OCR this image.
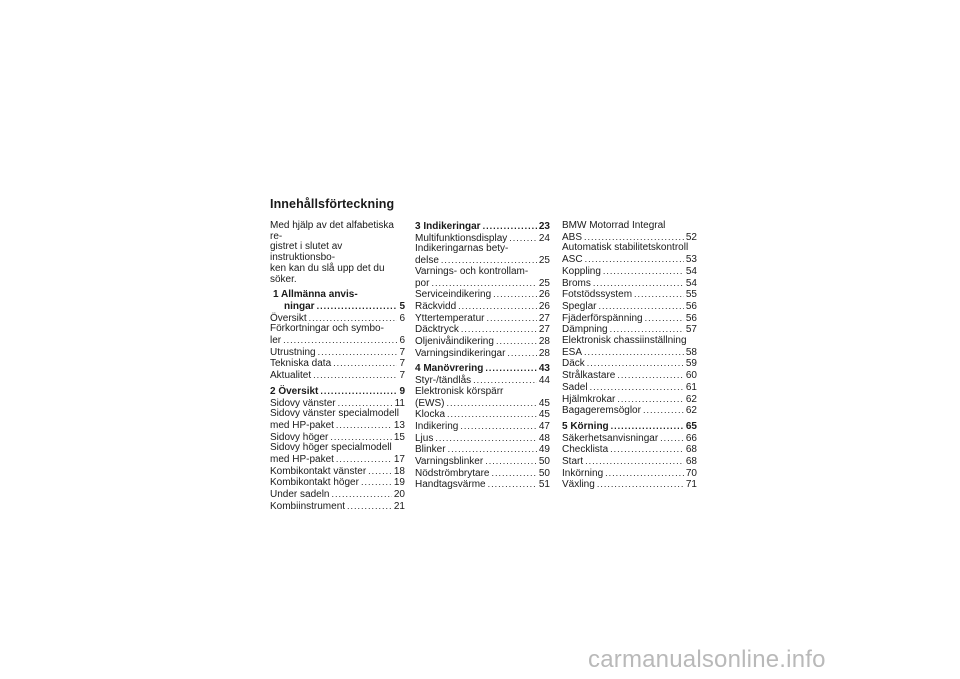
Innehållsförteckning
Med hjälp av det alfabetiska re-
gistret i slutet av instruktionsbo-
ken kan du slå upp det du söker.
1 Allmänna anvis-
ningar .....	5
Översikt .....	6
Förkortningar och symbo-
ler .....	6
Utrustning .....	7
Tekniska data .....	7
Aktualitet .....	7
2 Översikt .....	9
Sidovy vänster .....	11
Sidovy vänster specialmodell
med HP-paket .....	13
Sidovy höger .....	15
Sidovy höger specialmodell
med HP-paket .....	17
Kombikontakt vänster .....	18
Kombikontakt höger .....	19
Under sadeln .....	20
Kombiinstrument .....	21
3 Indikeringar .....	23
Multifunktionsdisplay .....	24
Indikeringarnas bety-
delse .....	25
Varnings- och kontrollam-
por .....	25
Serviceindikering .....	26
Räckvidd .....	26
Yttertemperatur .....	27
Däcktryck .....	27
Oljenivåindikering .....	28
Varningsindikeringar .....	28
4 Manövrering .....	43
Styr-/tändlås .....	44
Elektronisk körspärr
(EWS) .....	45
Klocka .....	45
Indikering .....	47
Ljus .....	48
Blinker .....	49
Varningsblinker .....	50
Nödströmbrytare .....	50
Handtagsvärme .....	51
BMW Motorrad Integral
ABS .....	52
Automatisk stabilitetskontroll
ASC .....	53
Koppling .....	54
Broms .....	54
Fotstödssystem .....	55
Speglar .....	56
Fjäderförspänning .....	56
Dämpning .....	57
Elektronisk chassiinställning
ESA .....	58
Däck .....	59
Strålkastare .....	60
Sadel .....	61
Hjälmkrokar .....	62
Bagageremsöglor .....	62
5 Körning .....	65
Säkerhetsanvisningar .....	66
Checklista .....	68
Start .....	68
Inkörning .....	70
Växling .....	71
carmanualsonline.info
